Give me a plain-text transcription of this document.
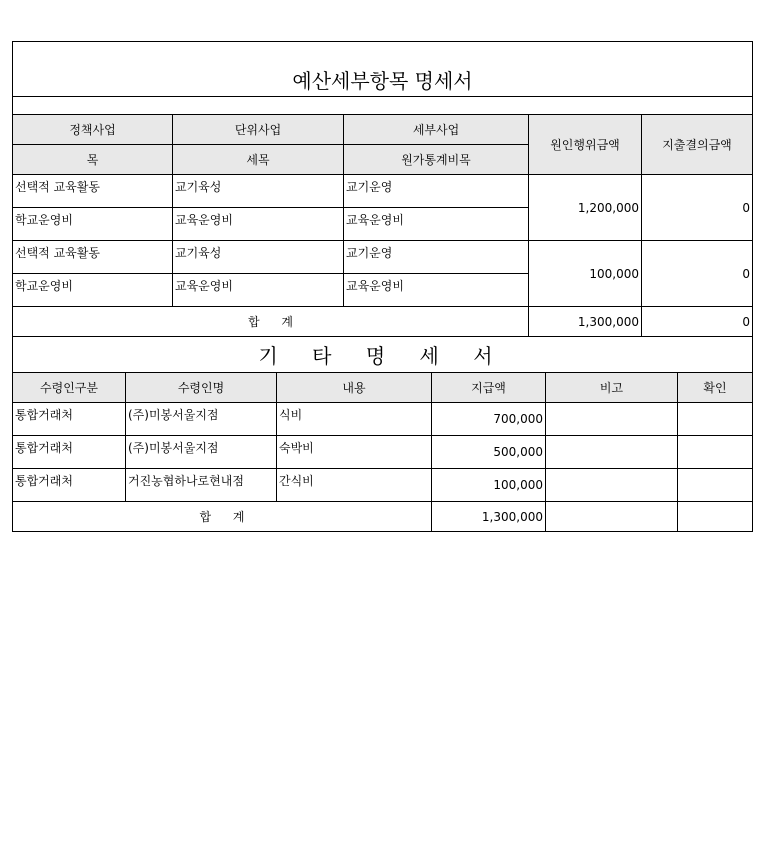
예산세부항목 명세서				

정책사업	단위사업	세부사업	원인행위금액	지출결의금액
목	세목	원가통계비목		
선택적 교육활동	교기육성	교기운영	1,200,000	0
학교운영비	교육운영비	교육운영비		
선택적 교육활동	교기육성	교기운영	100,000	0
학교운영비	교육운영비	교육운영비		
합 계			1,300,000	0
기 타 명 세 서					
수령인구분	수령인명	내용	지급액	비고	확인
통합거래처	(주)미봉서울지점	식비	700,000		
통합거래처	(주)미봉서울지점	숙박비	500,000		
통합거래처	거진농협하나로현내점	간식비	100,000		
합 계			1,300,000		
